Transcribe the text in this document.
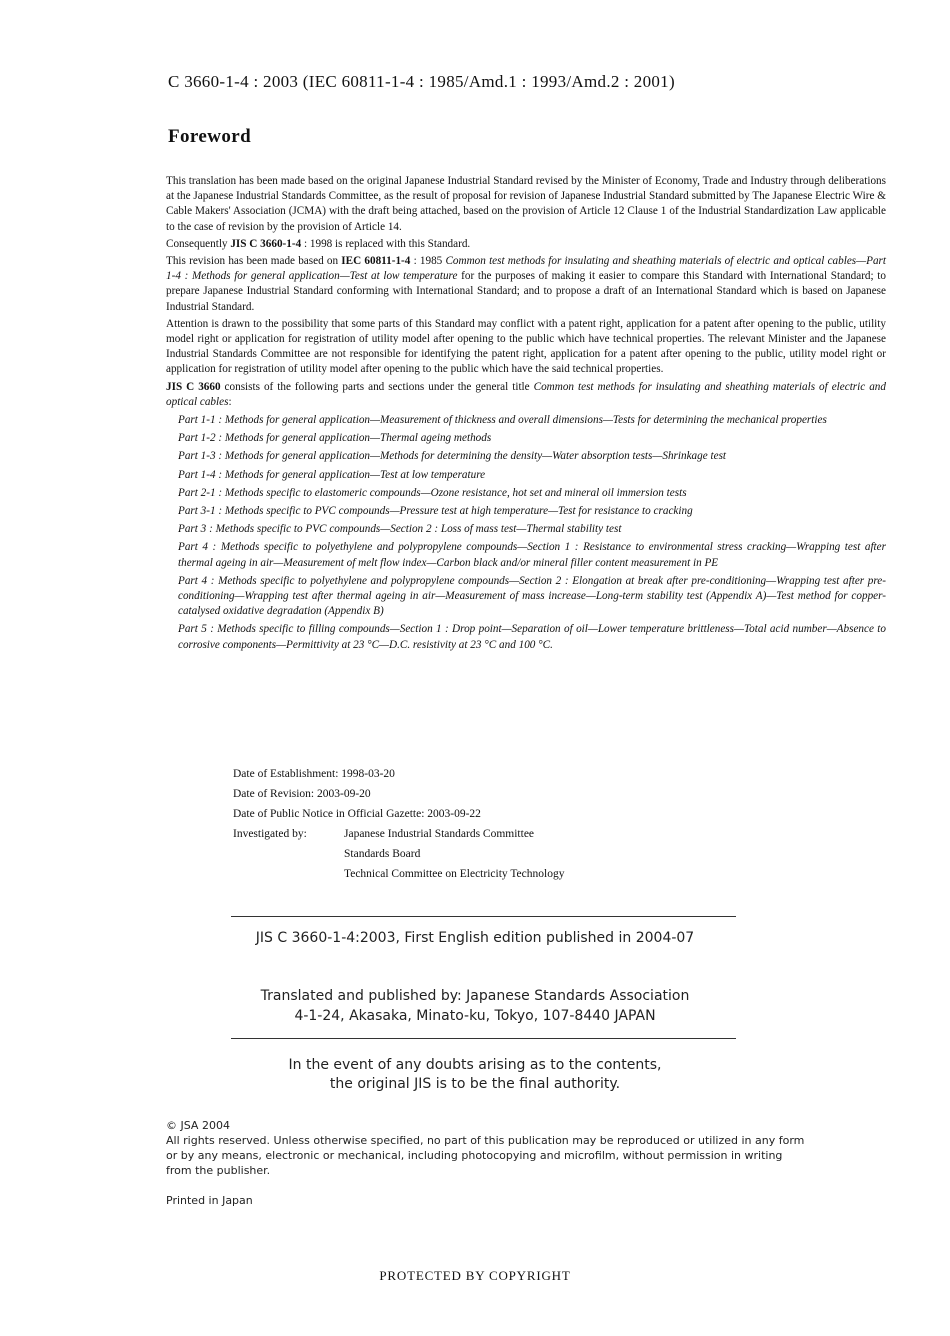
C 3660-1-4 : 2003 (IEC 60811-1-4 : 1985/Amd.1 : 1993/Amd.2 : 2001)
Foreword

This translation has been made based on the original Japanese Industrial Standard revised by the Minister of Economy, Trade and Industry through deliberations at the Japanese Industrial Standards Committee, as the result of proposal for revision of Japanese Industrial Standard submitted by The Japanese Electric Wire & Cable Makers' Association (JCMA) with the draft being attached, based on the provision of Article 12 Clause 1 of the Industrial Standardization Law applicable to the case of revision by the provision of Article 14.

Consequently JIS C 3660-1-4 : 1998 is replaced with this Standard.

This revision has been made based on IEC 60811-1-4 : 1985 Common test methods for insulating and sheathing materials of electric and optical cables—Part 1-4 : Methods for general application—Test at low temperature for the purposes of making it easier to compare this Standard with International Standard; to prepare Japanese Industrial Standard conforming with International Standard; and to propose a draft of an International Standard which is based on Japanese Industrial Standard.

Attention is drawn to the possibility that some parts of this Standard may conflict with a patent right, application for a patent after opening to the public, utility model right or application for registration of utility model after opening to the public which have technical properties. The relevant Minister and the Japanese Industrial Standards Committee are not responsible for identifying the patent right, application for a patent after opening to the public, utility model right or application for registration of utility model after opening to the public which have the said technical properties.

JIS C 3660 consists of the following parts and sections under the general title Common test methods for insulating and sheathing materials of electric and optical cables:

Part 1-1 : Methods for general application—Measurement of thickness and overall dimensions—Tests for determining the mechanical properties
Part 1-2 : Methods for general application—Thermal ageing methods
Part 1-3 : Methods for general application—Methods for determining the density—Water absorption tests—Shrinkage test
Part 1-4 : Methods for general application—Test at low temperature
Part 2-1 : Methods specific to elastomeric compounds—Ozone resistance, hot set and mineral oil immersion tests
Part 3-1 : Methods specific to PVC compounds—Pressure test at high temperature—Test for resistance to cracking
Part 3 : Methods specific to PVC compounds—Section 2 : Loss of mass test—Thermal stability test
Part 4 : Methods specific to polyethylene and polypropylene compounds—Section 1 : Resistance to environmental stress cracking—Wrapping test after thermal ageing in air—Measurement of melt flow index—Carbon black and/or mineral filler content measurement in PE
Part 4 : Methods specific to polyethylene and polypropylene compounds—Section 2 : Elongation at break after pre-conditioning—Wrapping test after pre-conditioning—Wrapping test after thermal ageing in air—Measurement of mass increase—Long-term stability test (Appendix A)—Test method for copper-catalysed oxidative degradation (Appendix B)
Part 5 : Methods specific to filling compounds—Section 1 : Drop point—Separation of oil—Lower temperature brittleness—Total acid number—Absence to corrosive components—Permittivity at 23 °C—D.C. resistivity at 23 °C and 100 °C.
Date of Establishment: 1998-03-20
Date of Revision: 2003-09-20
Date of Public Notice in Official Gazette: 2003-09-22
Investigated by:	Japanese Industrial Standards Committee
Standards Board
Technical Committee on Electricity Technology
JIS C 3660-1-4:2003, First English edition published in 2004-07
Translated and published by: Japanese Standards Association
4-1-24, Akasaka, Minato-ku, Tokyo, 107-8440 JAPAN
In the event of any doubts arising as to the contents,
the original JIS is to be the final authority.

© JSA 2004

All rights reserved. Unless otherwise specified, no part of this publication may be reproduced or utilized in any form or by any means, electronic or mechanical, including photocopying and microfilm, without permission in writing from the publisher.

Printed in Japan
PROTECTED BY COPYRIGHT
